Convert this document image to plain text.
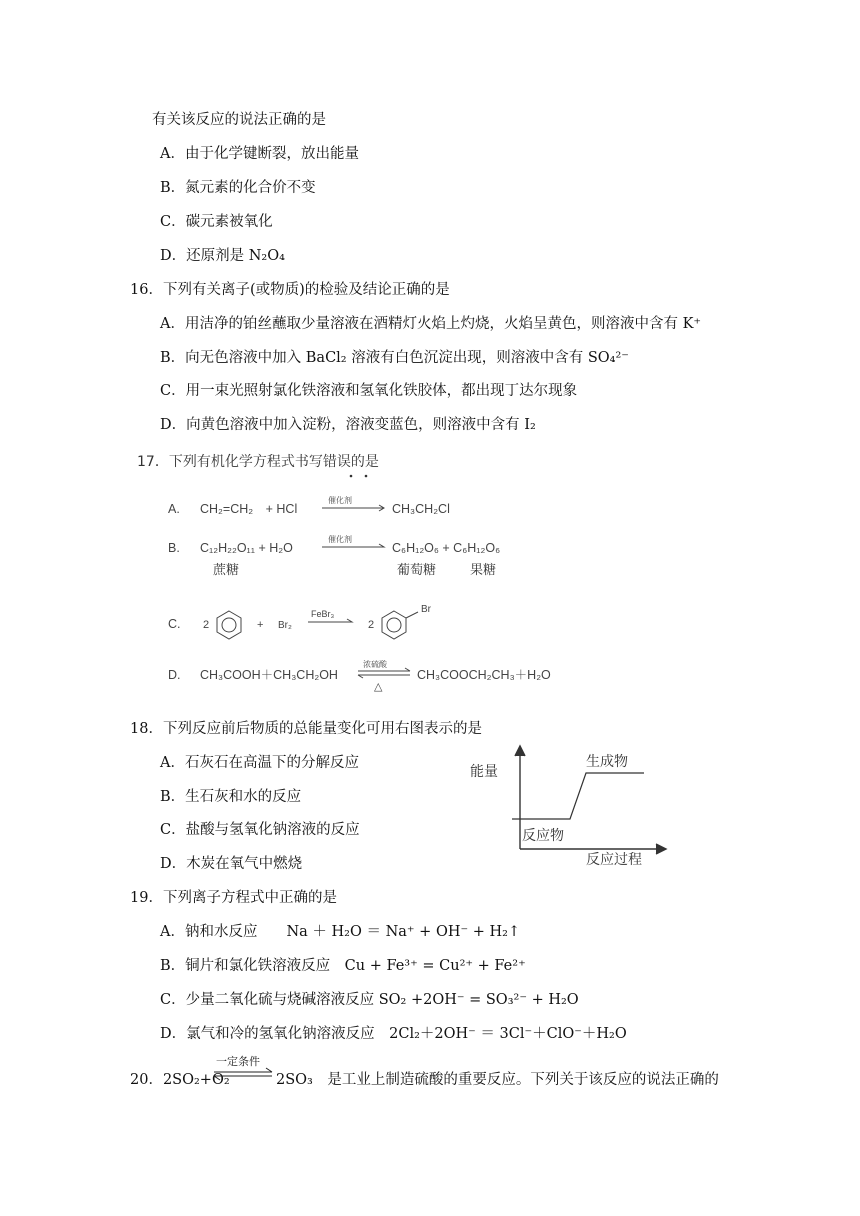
有关该反应的说法正确的是
A．由于化学键断裂，放出能量
B．氮元素的化合价不变
C．碳元素被氧化
D．还原剂是 N₂O₄
16．下列有关离子(或物质)的检验及结论正确的是
A．用洁净的铂丝蘸取少量溶液在酒精灯火焰上灼烧，火焰呈黄色，则溶液中含有 K⁺
B．向无色溶液中加入 BaCl₂ 溶液有白色沉淀出现，则溶液中含有 SO₄²⁻
C．用一束光照射氯化铁溶液和氢氧化铁胶体，都出现丁达尔现象
D．向黄色溶液中加入淀粉，溶液变蓝色，则溶液中含有 I₂
17．下列有机化学方程式书写错误的是
A. CH₂=CH₂　+ HCl
催化剂
CH₃CH₂Cl
B. C₁₂H₂₂O₁₁ + H₂O
催化剂
C₆H₁₂O₆ + C₆H₁₂O₆
蔗糖	葡萄糖	果糖
C. 2	+ Br₂
FeBr₃
2
Br
D. CH₃COOH＋CH₃CH₂OH
浓硫酸
△
CH₃COOCH₂CH₃＋H₂O
18．下列反应前后物质的总能量变化可用右图表示的是
A．石灰石在高温下的分解反应
B．生石灰和水的反应
C．盐酸与氢氧化钠溶液的反应
D．木炭在氧气中燃烧
能量
生成物
反应物
反应过程
19．下列离子方程式中正确的是
A．钠和水反应　　Na ＋ H₂O ＝ Na⁺ + OH⁻ + H₂↑
B．铜片和氯化铁溶液反应　Cu + Fe³⁺ = Cu²⁺ + Fe²⁺
C．少量二氧化硫与烧碱溶液反应 SO₂ +2OH⁻ = SO₃²⁻ + H₂O
D．氯气和冷的氢氧化钠溶液反应　2Cl₂＋2OH⁻ ＝ 3Cl⁻＋ClO⁻＋H₂O
20．2SO₂+O₂
一定条件
2SO₃　是工业上制造硫酸的重要反应。下列关于该反应的说法正确的
